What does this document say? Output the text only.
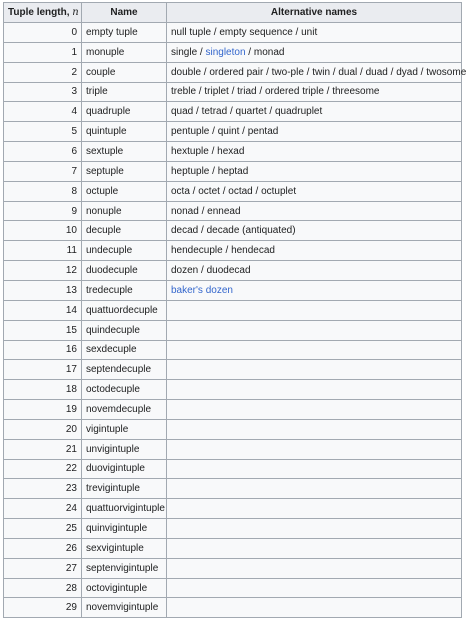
Tuple length, n	Name	Alternative names
0	empty tuple	null tuple / empty sequence / unit
1	monuple	single / singleton / monad
2	couple	double / ordered pair / two-ple / twin / dual / duad / dyad / twosome
3	triple	treble / triplet / triad / ordered triple / threesome
4	quadruple	quad / tetrad / quartet / quadruplet
5	quintuple	pentuple / quint / pentad
6	sextuple	hextuple / hexad
7	septuple	heptuple / heptad
8	octuple	octa / octet / octad / octuplet
9	nonuple	nonad / ennead
10	decuple	decad / decade (antiquated)
11	undecuple	hendecuple / hendecad
12	duodecuple	dozen / duodecad
13	tredecuple	baker's dozen
14	quattuordecuple	
15	quindecuple	
16	sexdecuple	
17	septendecuple	
18	octodecuple	
19	novemdecuple	
20	vigintuple	
21	unvigintuple	
22	duovigintuple	
23	trevigintuple	
24	quattuorvigintuple	
25	quinvigintuple	
26	sexvigintuple	
27	septenvigintuple	
28	octovigintuple	
29	novemvigintuple	
